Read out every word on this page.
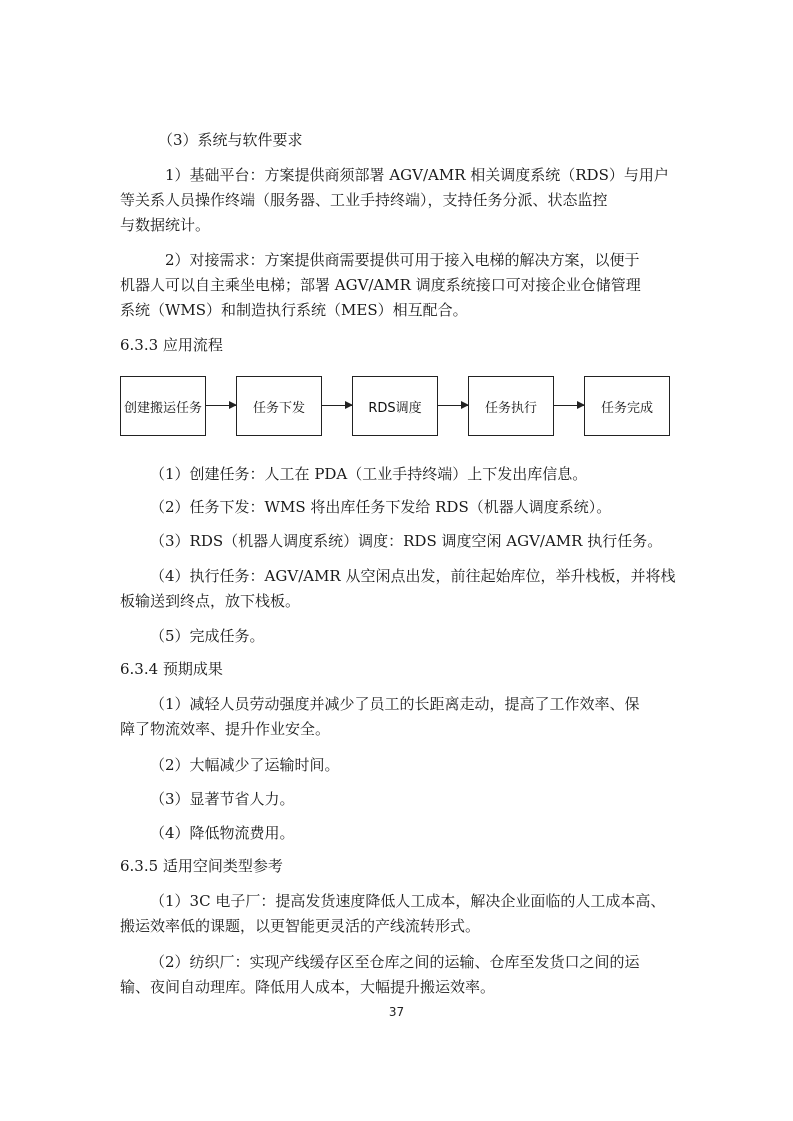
（3）系统与软件要求

1）基础平台：方案提供商须部署 AGV/AMR 相关调度系统（RDS）与用户
等关系人员操作终端（服务器、工业手持终端），支持任务分派、状态监控
与数据统计。

2）对接需求：方案提供商需要提供可用于接入电梯的解决方案，以便于
机器人可以自主乘坐电梯；部署 AGV/AMR 调度系统接口可对接企业仓储管理
系统（WMS）和制造执行系统（MES）相互配合。

6.3.3 应用流程

创建搬运任务	任务下发	RDS调度	任务执行	任务完成

（1）创建任务：人工在 PDA（工业手持终端）上下发出库信息。

（2）任务下发：WMS 将出库任务下发给 RDS（机器人调度系统）。

（3）RDS（机器人调度系统）调度：RDS 调度空闲 AGV/AMR 执行任务。

（4）执行任务：AGV/AMR 从空闲点出发，前往起始库位，举升栈板，并将栈
板输送到终点，放下栈板。

（5）完成任务。

6.3.4 预期成果

（1）减轻人员劳动强度并减少了员工的长距离走动，提高了工作效率、保
障了物流效率、提升作业安全。

（2）大幅减少了运输时间。

（3）显著节省人力。

（4）降低物流费用。

6.3.5 适用空间类型参考

（1）3C 电子厂：提高发货速度降低人工成本，解决企业面临的人工成本高、
搬运效率低的课题，以更智能更灵活的产线流转形式。

（2）纺织厂：实现产线缓存区至仓库之间的运输、仓库至发货口之间的运
输、夜间自动理库。降低用人成本，大幅提升搬运效率。

37
